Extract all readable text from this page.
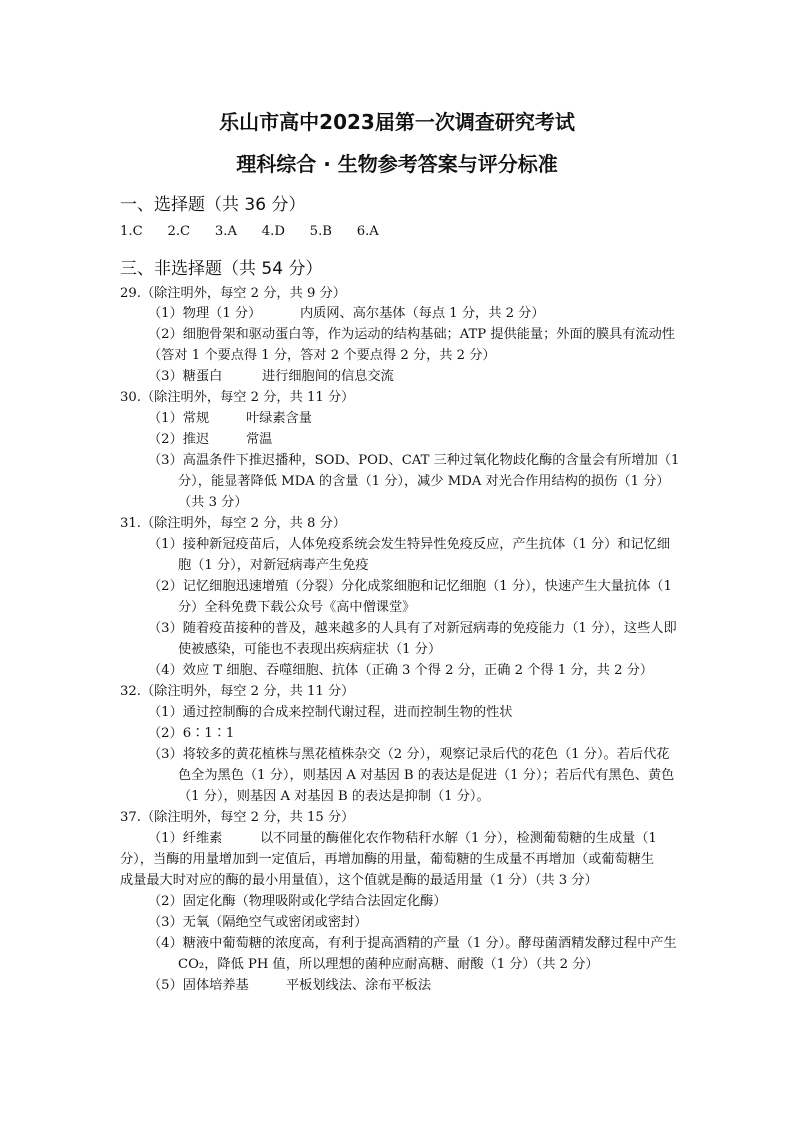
乐山市高中2023届第一次调查研究考试
理科综合 · 生物参考答案与评分标准
一、选择题（共 36 分）
1.C    2.C    3.A    4.D    5.B    6.A
三、非选择题（共 54 分）
29.（除注明外，每空 2 分，共 9 分）
（1）物理（1 分）	内质网、高尔基体（每点 1 分，共 2 分）
（2）细胞骨架和驱动蛋白等，作为运动的结构基础；ATP 提供能量；外面的膜具有流动性
（答对 1 个要点得 1 分，答对 2 个要点得 2 分，共 2 分）
（3）糖蛋白	进行细胞间的信息交流
30.（除注明外，每空 2 分，共 11 分）
（1）常规	叶绿素含量
（2）推迟	常温
（3）高温条件下推迟播种，SOD、POD、CAT 三种过氧化物歧化酶的含量会有所增加（1
分），能显著降低 MDA 的含量（1 分），减少 MDA 对光合作用结构的损伤（1 分）
（共 3 分）
31.（除注明外，每空 2 分，共 8 分）
（1）接种新冠疫苗后，人体免疫系统会发生特异性免疫反应，产生抗体（1 分）和记忆细
胞（1 分），对新冠病毒产生免疫
（2）记忆细胞迅速增殖（分裂）分化成浆细胞和记忆细胞（1 分），快速产生大量抗体（1
分）全科免费下载公众号《高中僧课堂》
（3）随着疫苗接种的普及，越来越多的人具有了对新冠病毒的免疫能力（1 分），这些人即
使被感染，可能也不表现出疾病症状（1 分）
（4）效应 T 细胞、吞噬细胞、抗体（正确 3 个得 2 分，正确 2 个得 1 分，共 2 分）
32.（除注明外，每空 2 分，共 11 分）
（1）通过控制酶的合成来控制代谢过程，进而控制生物的性状
（2）6∶1∶1
（3）将较多的黄花植株与黑花植株杂交（2 分），观察记录后代的花色（1 分）。若后代花
色全为黑色（1 分），则基因 A 对基因 B 的表达是促进（1 分）；若后代有黑色、黄色
（1 分），则基因 A 对基因 B 的表达是抑制（1 分）。
37.（除注明外，每空 2 分，共 15 分）
（1）纤维素	以不同量的酶催化农作物秸秆水解（1 分），检测葡萄糖的生成量（1
分），当酶的用量增加到一定值后，再增加酶的用量，葡萄糖的生成量不再增加（或葡萄糖生
成量最大时对应的酶的最小用量值），这个值就是酶的最适用量（1 分）（共 3 分）
（2）固定化酶（物理吸附或化学结合法固定化酶）
（3）无氧（隔绝空气或密闭或密封）
（4）糖液中葡萄糖的浓度高，有利于提高酒精的产量（1 分）。酵母菌酒精发酵过程中产生
CO₂，降低 PH 值，所以理想的菌种应耐高糖、耐酸（1 分）（共 2 分）
（5）固体培养基	平板划线法、涂布平板法
